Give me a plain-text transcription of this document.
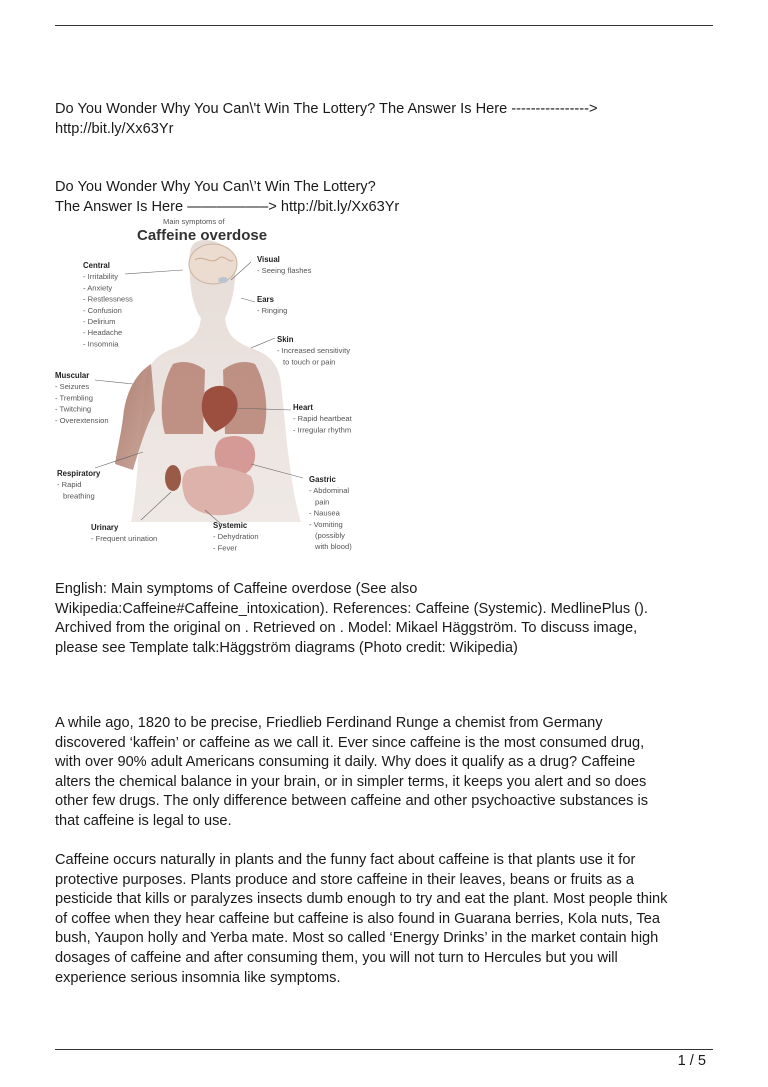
Do You Wonder Why You Can\'t Win The Lottery? The Answer Is Here ---------------->
http://bit.ly/Xx63Yr

Do You Wonder Why You Can\’t Win The Lottery?
The Answer Is Here —————–> http://bit.ly/Xx63Yr

Main symptoms of
Caffeine overdose
Central
- Irritability
- Anxiety
- Restlessness
- Confusion
- Delirium
- Headache
- Insomnia
Visual
- Seeing flashes
Ears
- Ringing
Skin
- Increased sensitivity
to touch or pain
Muscular
- Seizures
- Trembling
- Twitching
- Overextension
Heart
- Rapid heartbeat
- Irregular rhythm
Respiratory
- Rapid
breathing
Gastric
- Abdominal
pain
- Nausea
- Vomiting
(possibly
with blood)
Urinary
- Frequent urination
Systemic
- Dehydration
- Fever

English: Main symptoms of Caffeine overdose (See also
Wikipedia:Caffeine#Caffeine_intoxication). References: Caffeine (Systemic). MedlinePlus ().
Archived from the original on . Retrieved on . Model: Mikael Häggström. To discuss image,
please see Template talk:Häggström diagrams (Photo credit: Wikipedia)

A while ago, 1820 to be precise, Friedlieb Ferdinand Runge a chemist from Germany
discovered ‘kaffein’ or caffeine as we call it. Ever since caffeine is the most consumed drug,
with over 90% adult Americans consuming it daily. Why does it qualify as a drug? Caffeine
alters the chemical balance in your brain, or in simpler terms, it keeps you alert and so does
other few drugs. The only difference between caffeine and other psychoactive substances is
that caffeine is legal to use.

Caffeine occurs naturally in plants and the funny fact about caffeine is that plants use it for
protective purposes. Plants produce and store caffeine in their leaves, beans or fruits as a
pesticide that kills or paralyzes insects dumb enough to try and eat the plant. Most people think
of coffee when they hear caffeine but caffeine is also found in Guarana berries, Kola nuts, Tea
bush, Yaupon holly and Yerba mate. Most so called ‘Energy Drinks’ in the market contain high
dosages of caffeine and after consuming them, you will not turn to Hercules but you will
experience serious insomnia like symptoms.

1 / 5
